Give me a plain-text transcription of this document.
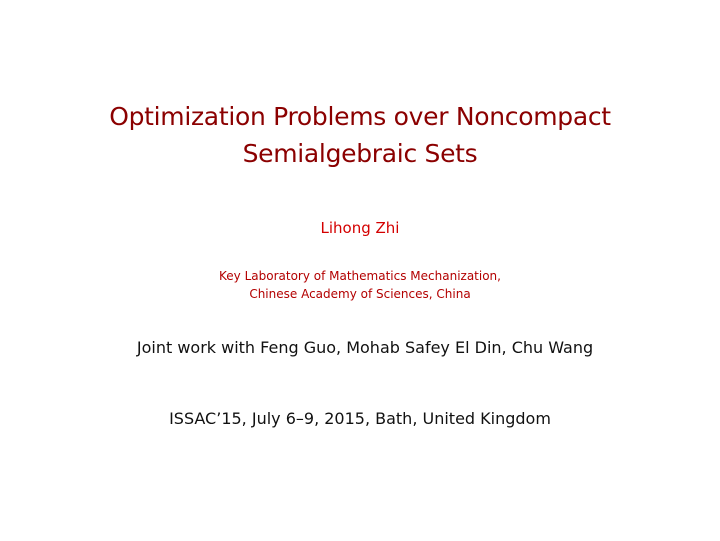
Optimization Problems over Noncompact Semialgebraic Sets
Lihong Zhi
Key Laboratory of Mathematics Mechanization,
Chinese Academy of Sciences, China
Joint work with Feng Guo, Mohab Safey El Din, Chu Wang
ISSAC’15, July 6–9, 2015, Bath, United Kingdom
